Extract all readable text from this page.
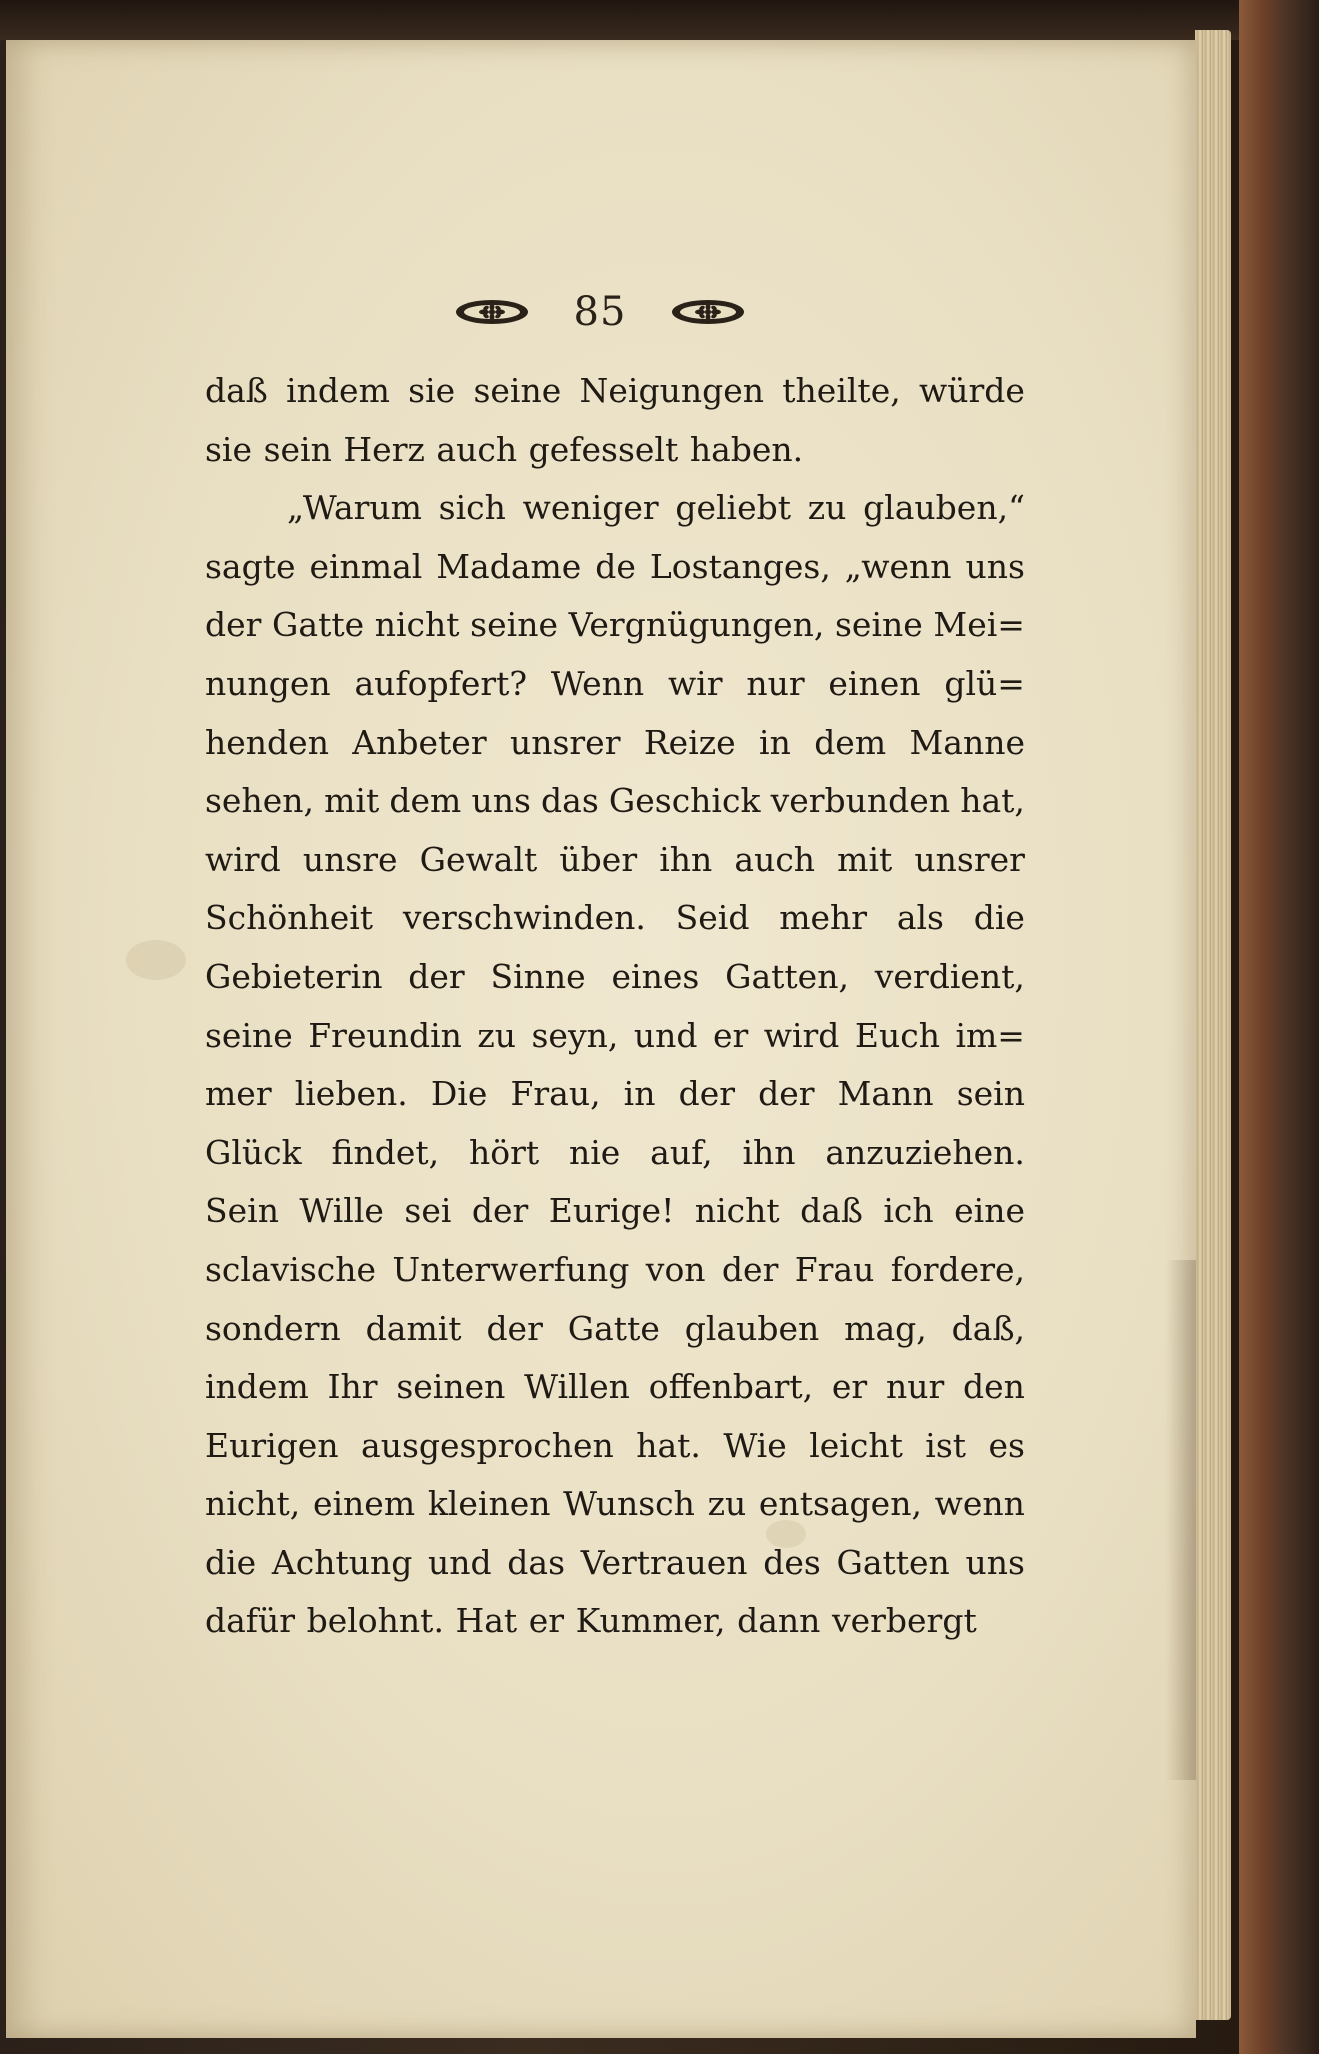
85
daß indem sie seine Neigungen theilte, würde
sie sein Herz auch gefesselt haben.
„Warum sich weniger geliebt zu glauben,“
sagte einmal Madame de Lostanges, „wenn uns
der Gatte nicht seine Vergnügungen, seine Mei=
nungen aufopfert? Wenn wir nur einen glü=
henden Anbeter unsrer Reize in dem Manne
sehen, mit dem uns das Geschick verbunden hat,
wird unsre Gewalt über ihn auch mit unsrer
Schönheit verschwinden. Seid mehr als die
Gebieterin der Sinne eines Gatten, verdient,
seine Freundin zu seyn, und er wird Euch im=
mer lieben. Die Frau, in der der Mann sein
Glück findet, hört nie auf, ihn anzuziehen.
Sein Wille sei der Eurige! nicht daß ich eine
sclavische Unterwerfung von der Frau fordere,
sondern damit der Gatte glauben mag, daß,
indem Ihr seinen Willen offenbart, er nur den
Eurigen ausgesprochen hat. Wie leicht ist es
nicht, einem kleinen Wunsch zu entsagen, wenn
die Achtung und das Vertrauen des Gatten uns
dafür belohnt. Hat er Kummer, dann verbergt
